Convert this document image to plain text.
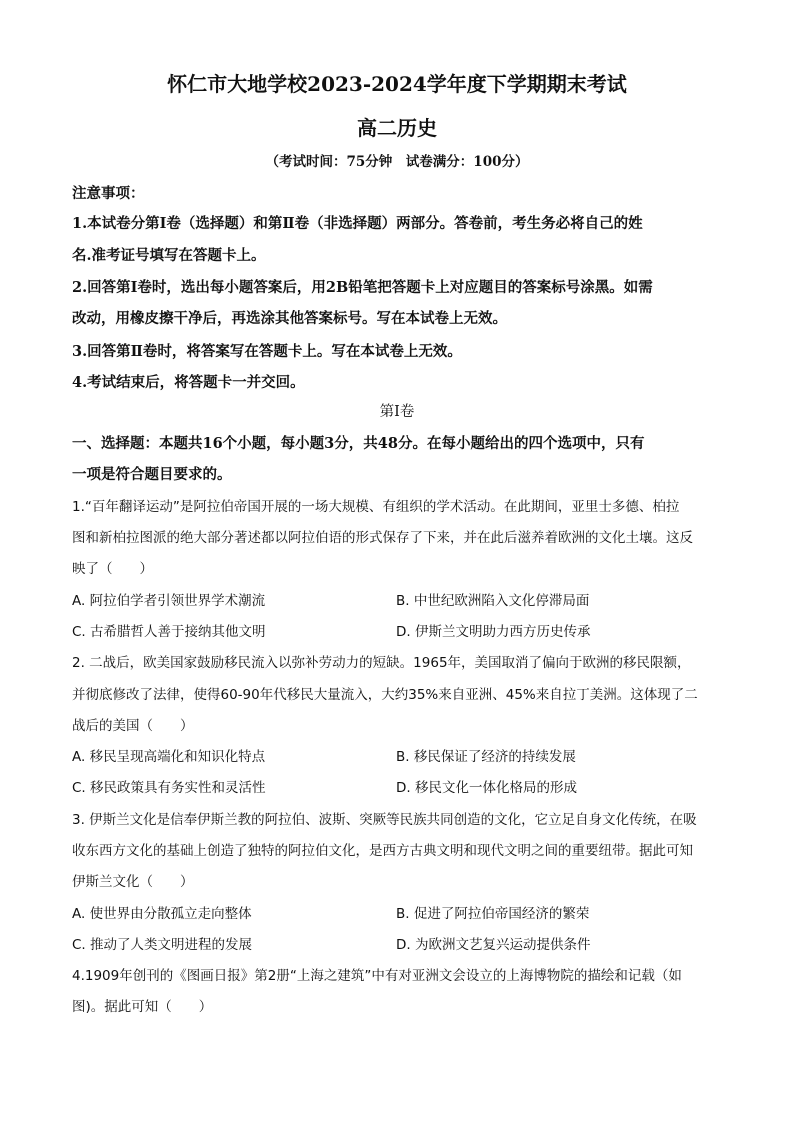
怀仁市大地学校2023-2024学年度下学期期末考试
高二历史
（考试时间：75分钟　试卷满分：100分）
注意事项：
1.本试卷分第Ⅰ卷（选择题）和第Ⅱ卷（非选择题）两部分。答卷前，考生务必将自己的姓
名.准考证号填写在答题卡上。
2.回答第Ⅰ卷时，选出每小题答案后，用2B铅笔把答题卡上对应题目的答案标号涂黑。如需
改动，用橡皮擦干净后，再选涂其他答案标号。写在本试卷上无效。
3.回答第Ⅱ卷时，将答案写在答题卡上。写在本试卷上无效。
4.考试结束后，将答题卡一并交回。
第Ⅰ卷
一、选择题：本题共16个小题，每小题3分，共48分。在每小题给出的四个选项中，只有
一项是符合题目要求的。
1.“百年翻译运动”是阿拉伯帝国开展的一场大规模、有组织的学术活动。在此期间，亚里士多德、柏拉
图和新柏拉图派的绝大部分著述都以阿拉伯语的形式保存了下来，并在此后滋养着欧洲的文化土壤。这反
映了（　　）
A. 阿拉伯学者引领世界学术潮流	B. 中世纪欧洲陷入文化停滞局面
C. 古希腊哲人善于接纳其他文明	D. 伊斯兰文明助力西方历史传承
2. 二战后，欧美国家鼓励移民流入以弥补劳动力的短缺。1965年，美国取消了偏向于欧洲的移民限额，
并彻底修改了法律，使得60-90年代移民大量流入，大约35%来自亚洲、45%来自拉丁美洲。这体现了二
战后的美国（　　）
A. 移民呈现高端化和知识化特点	B. 移民保证了经济的持续发展
C. 移民政策具有务实性和灵活性	D. 移民文化一体化格局的形成
3. 伊斯兰文化是信奉伊斯兰教的阿拉伯、波斯、突厥等民族共同创造的文化，它立足自身文化传统，在吸
收东西方文化的基础上创造了独特的阿拉伯文化，是西方古典文明和现代文明之间的重要纽带。据此可知
伊斯兰文化（　　）
A. 使世界由分散孤立走向整体	B. 促进了阿拉伯帝国经济的繁荣
C. 推动了人类文明进程的发展	D. 为欧洲文艺复兴运动提供条件
4.1909年创刊的《图画日报》第2册“上海之建筑”中有对亚洲文会设立的上海博物院的描绘和记载（如
图)。据此可知（　　）
